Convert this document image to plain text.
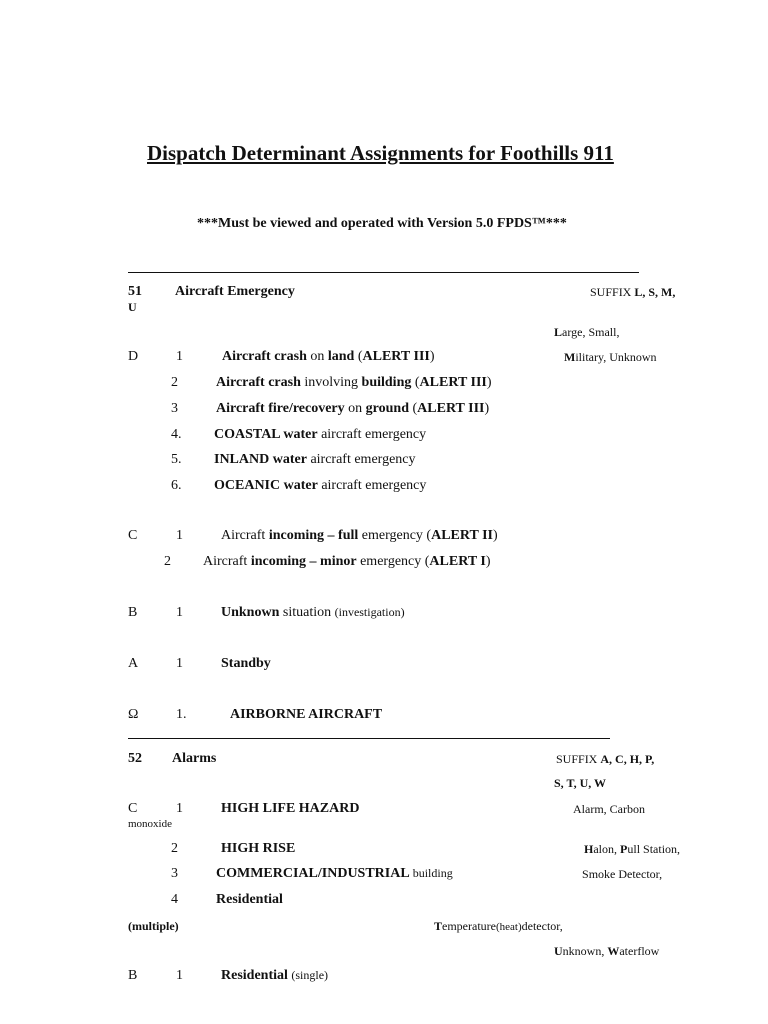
Dispatch Determinant Assignments for Foothills 911
***Must be viewed and operated with Version 5.0 FPDS™***
51 Aircraft Emergency	SUFFIX L, S, M,
U
Large, Small,
D	1	Aircraft crash on land (ALERT III)	Military, Unknown
2	Aircraft crash involving building (ALERT III)
3	Aircraft fire/recovery on ground (ALERT III)
4. COASTAL water aircraft emergency
5. INLAND water aircraft emergency
6. OCEANIC water aircraft emergency
C	1	Aircraft incoming – full emergency (ALERT II)
2 Aircraft incoming – minor emergency (ALERT I)
B	1	Unknown situation (investigation)
A	1	Standby
Ω	1.	AIRBORNE AIRCRAFT
52 Alarms	SUFFIX A, C, H, P,
S, T, U, W
C	1	HIGH LIFE HAZARD	Alarm, Carbon
monoxide
2	HIGH RISE	Halon, Pull Station,
3	COMMERCIAL/INDUSTRIAL building	Smoke Detector,
4	Residential
(multiple)	Temperature(heat)detector,
Unknown, Waterflow
B	1	Residential (single)
